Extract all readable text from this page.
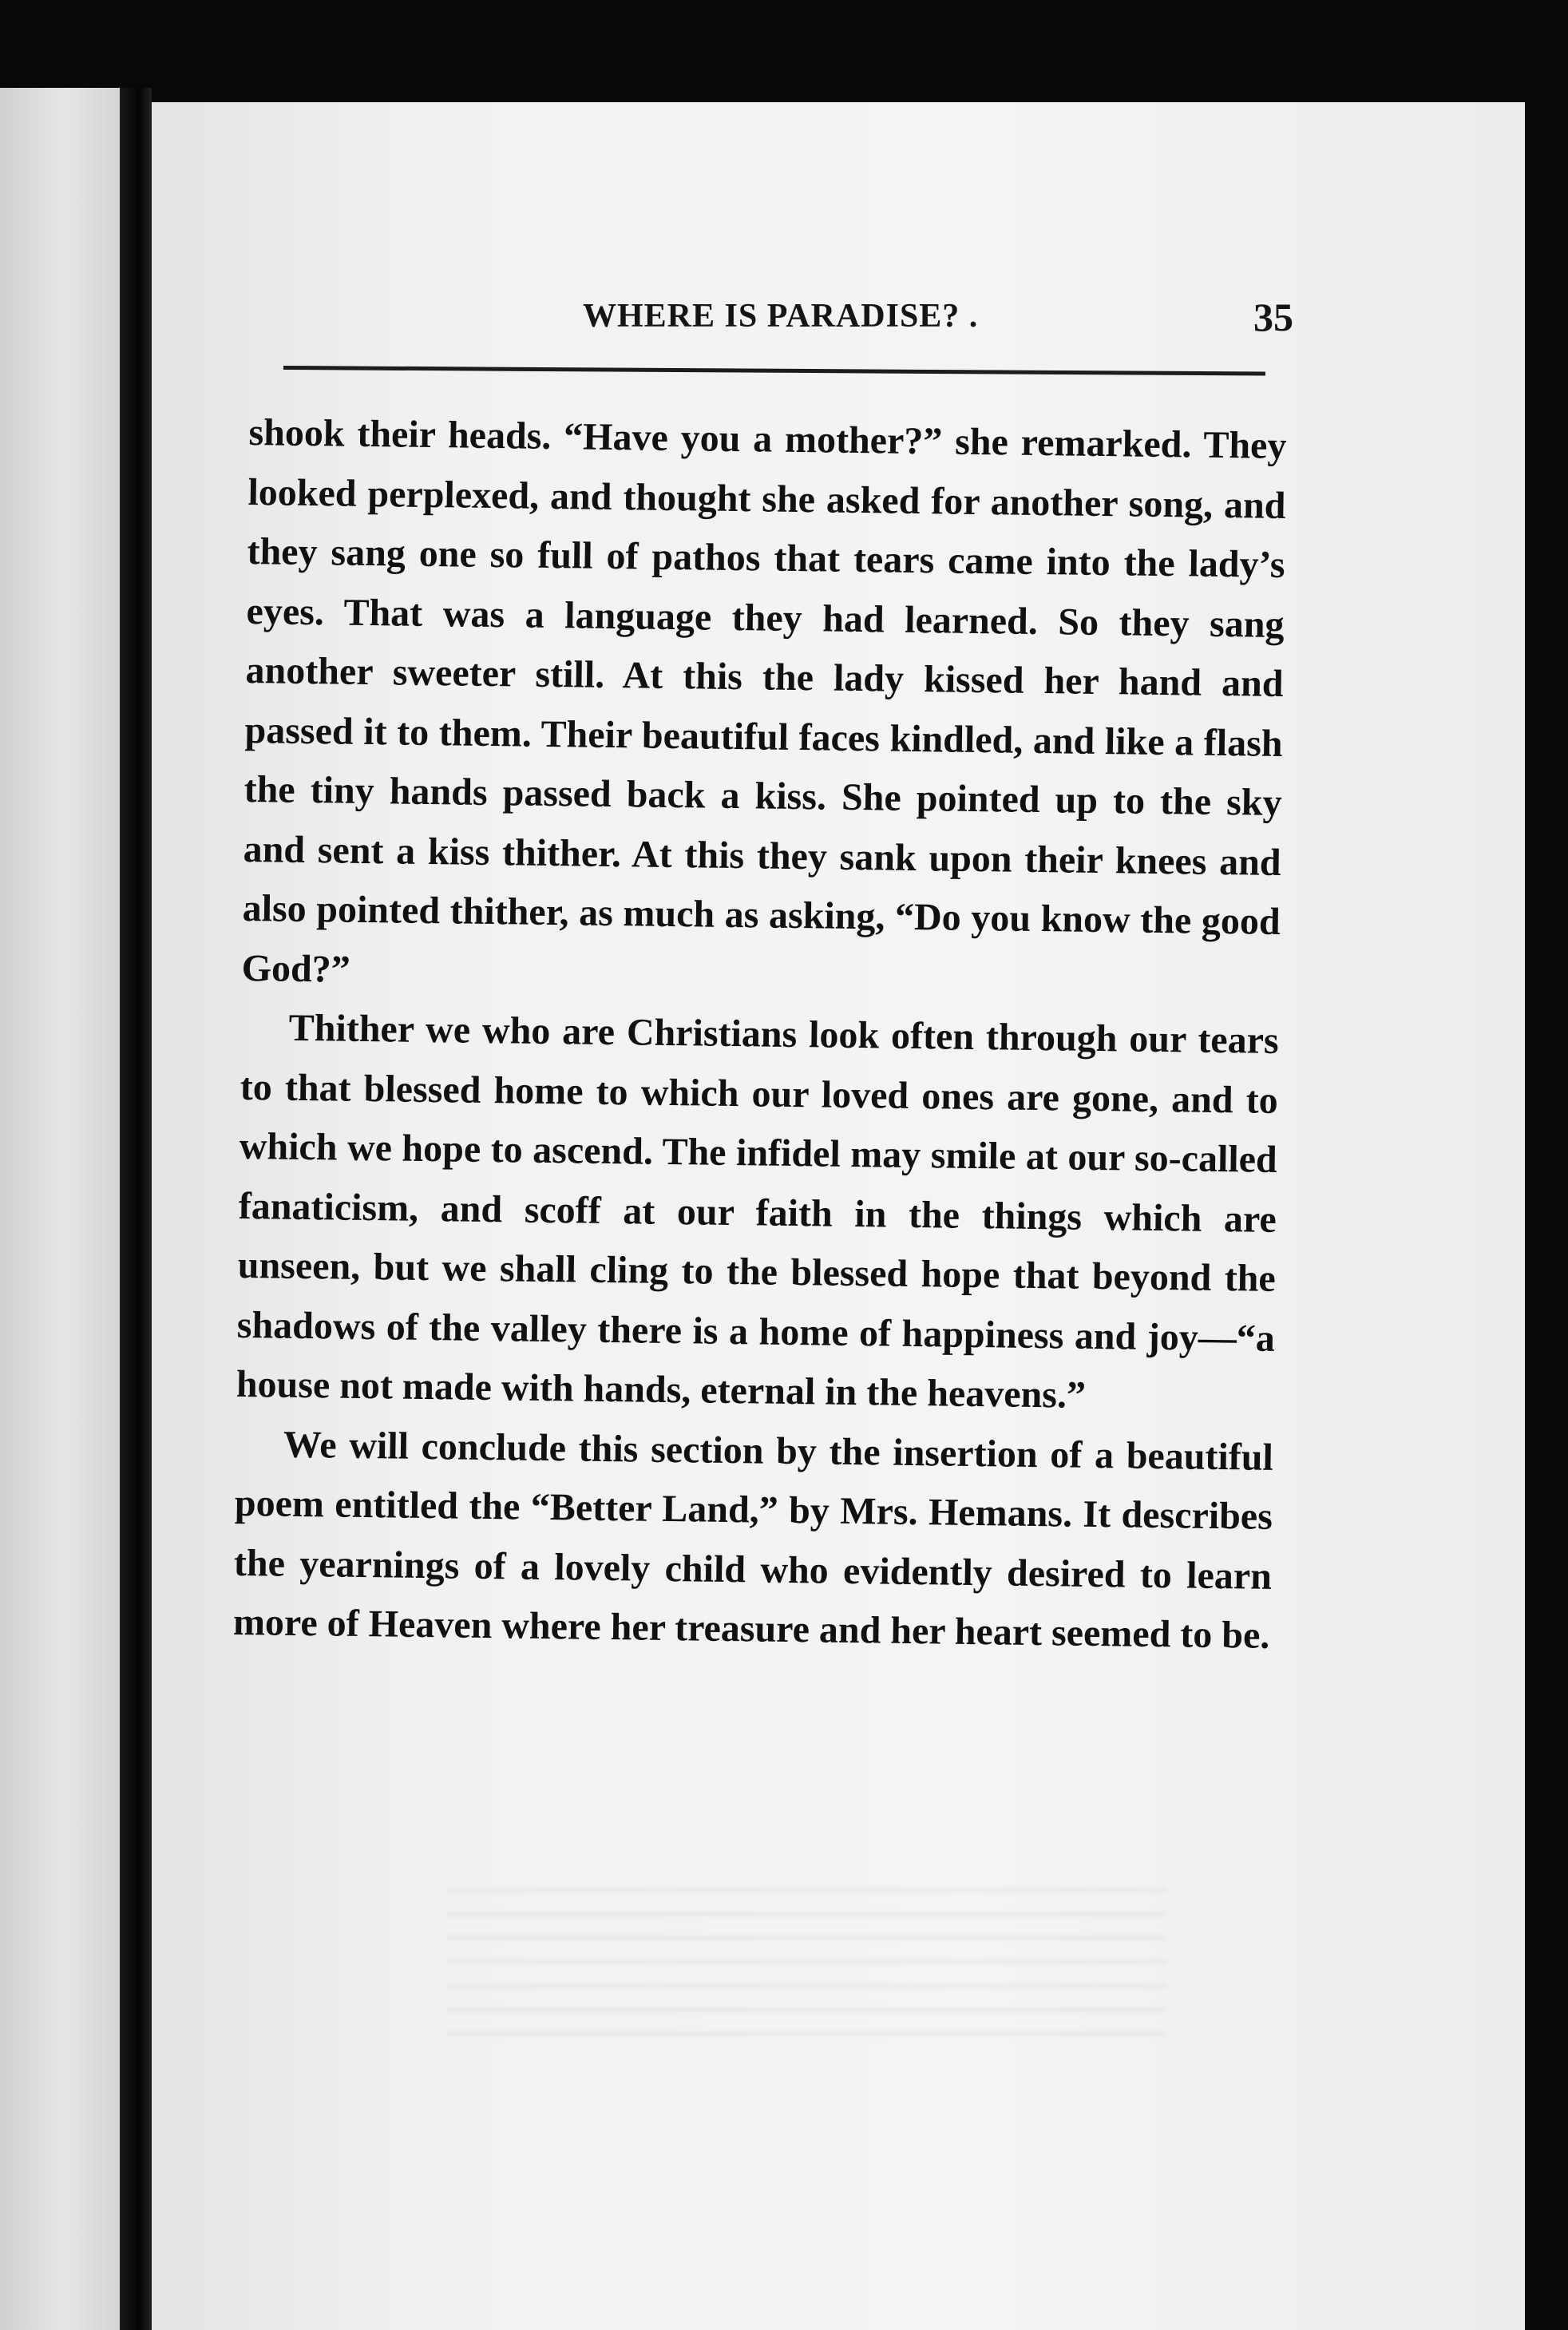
WHERE IS PARADISE? .	35

shook their heads. “Have you a mother?” she remarked. They looked perplexed, and thought she asked for another song, and they sang one so full of pathos that tears came into the lady’s eyes. That was a language they had learned. So they sang another sweeter still. At this the lady kissed her hand and passed it to them. Their beautiful faces kindled, and like a flash the tiny hands passed back a kiss. She pointed up to the sky and sent a kiss thither. At this they sank upon their knees and also pointed thither, as much as asking, “Do you know the good God?”

Thither we who are Christians look often through our tears to that blessed home to which our loved ones are gone, and to which we hope to ascend. The infidel may smile at our so-called fanaticism, and scoff at our faith in the things which are unseen, but we shall cling to the blessed hope that beyond the shadows of the valley there is a home of happiness and joy—“a house not made with hands, eternal in the heavens.”

We will conclude this section by the insertion of a beautiful poem entitled the “Better Land,” by Mrs. Hemans. It describes the yearnings of a lovely child who evidently desired to learn more of Heaven where her treasure and her heart seemed to be.
